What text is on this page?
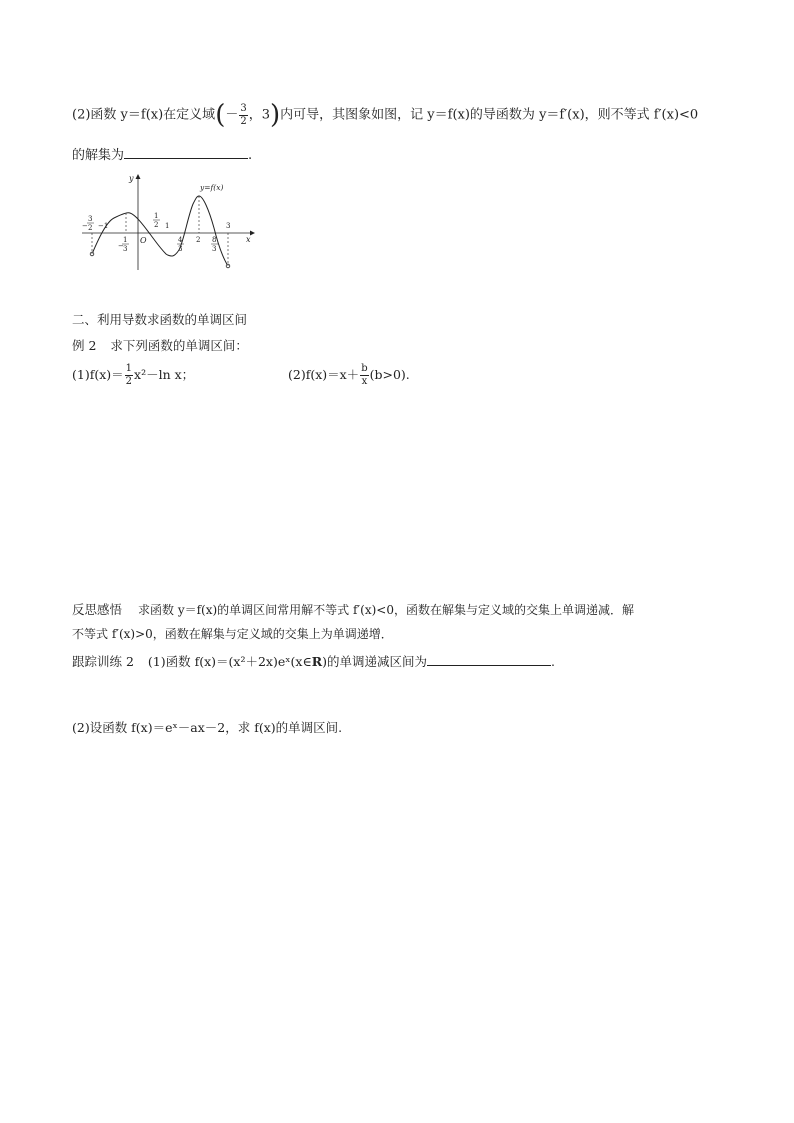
(2)函数 y＝f(x)在定义域(－ $\frac{3}{2}$ ，3)内可导，其图象如图，记 y＝f(x)的导函数为 y＝f′(x)，则不等式 f′(x)<0
的解集为	.
y
x
O
y=f(x)
−
3
2 −1
−
1
3
1
2 1
4
3
2 8
3
3
二、利用导数求函数的单调区间
例 2 求下列函数的单调区间：
$(1)f(x)= \frac{1}{2} x^2-\ln$ x；	$(2)f(x)=x+ \frac{b}{x} (b>0)$.
反思感悟 求函数 y＝f(x)的单调区间常用解不等式 f′(x)<0，函数在解集与定义域的交集上单调递减．解
不等式 f′(x)>0，函数在解集与定义域的交集上为单调递增．
跟踪训练 2 (1)函数 f(x)＝(x²＋2x)eˣ(x∈R)的单调递减区间为	.
(2)设函数 f(x)＝eˣ－ax－2，求 f(x)的单调区间.
